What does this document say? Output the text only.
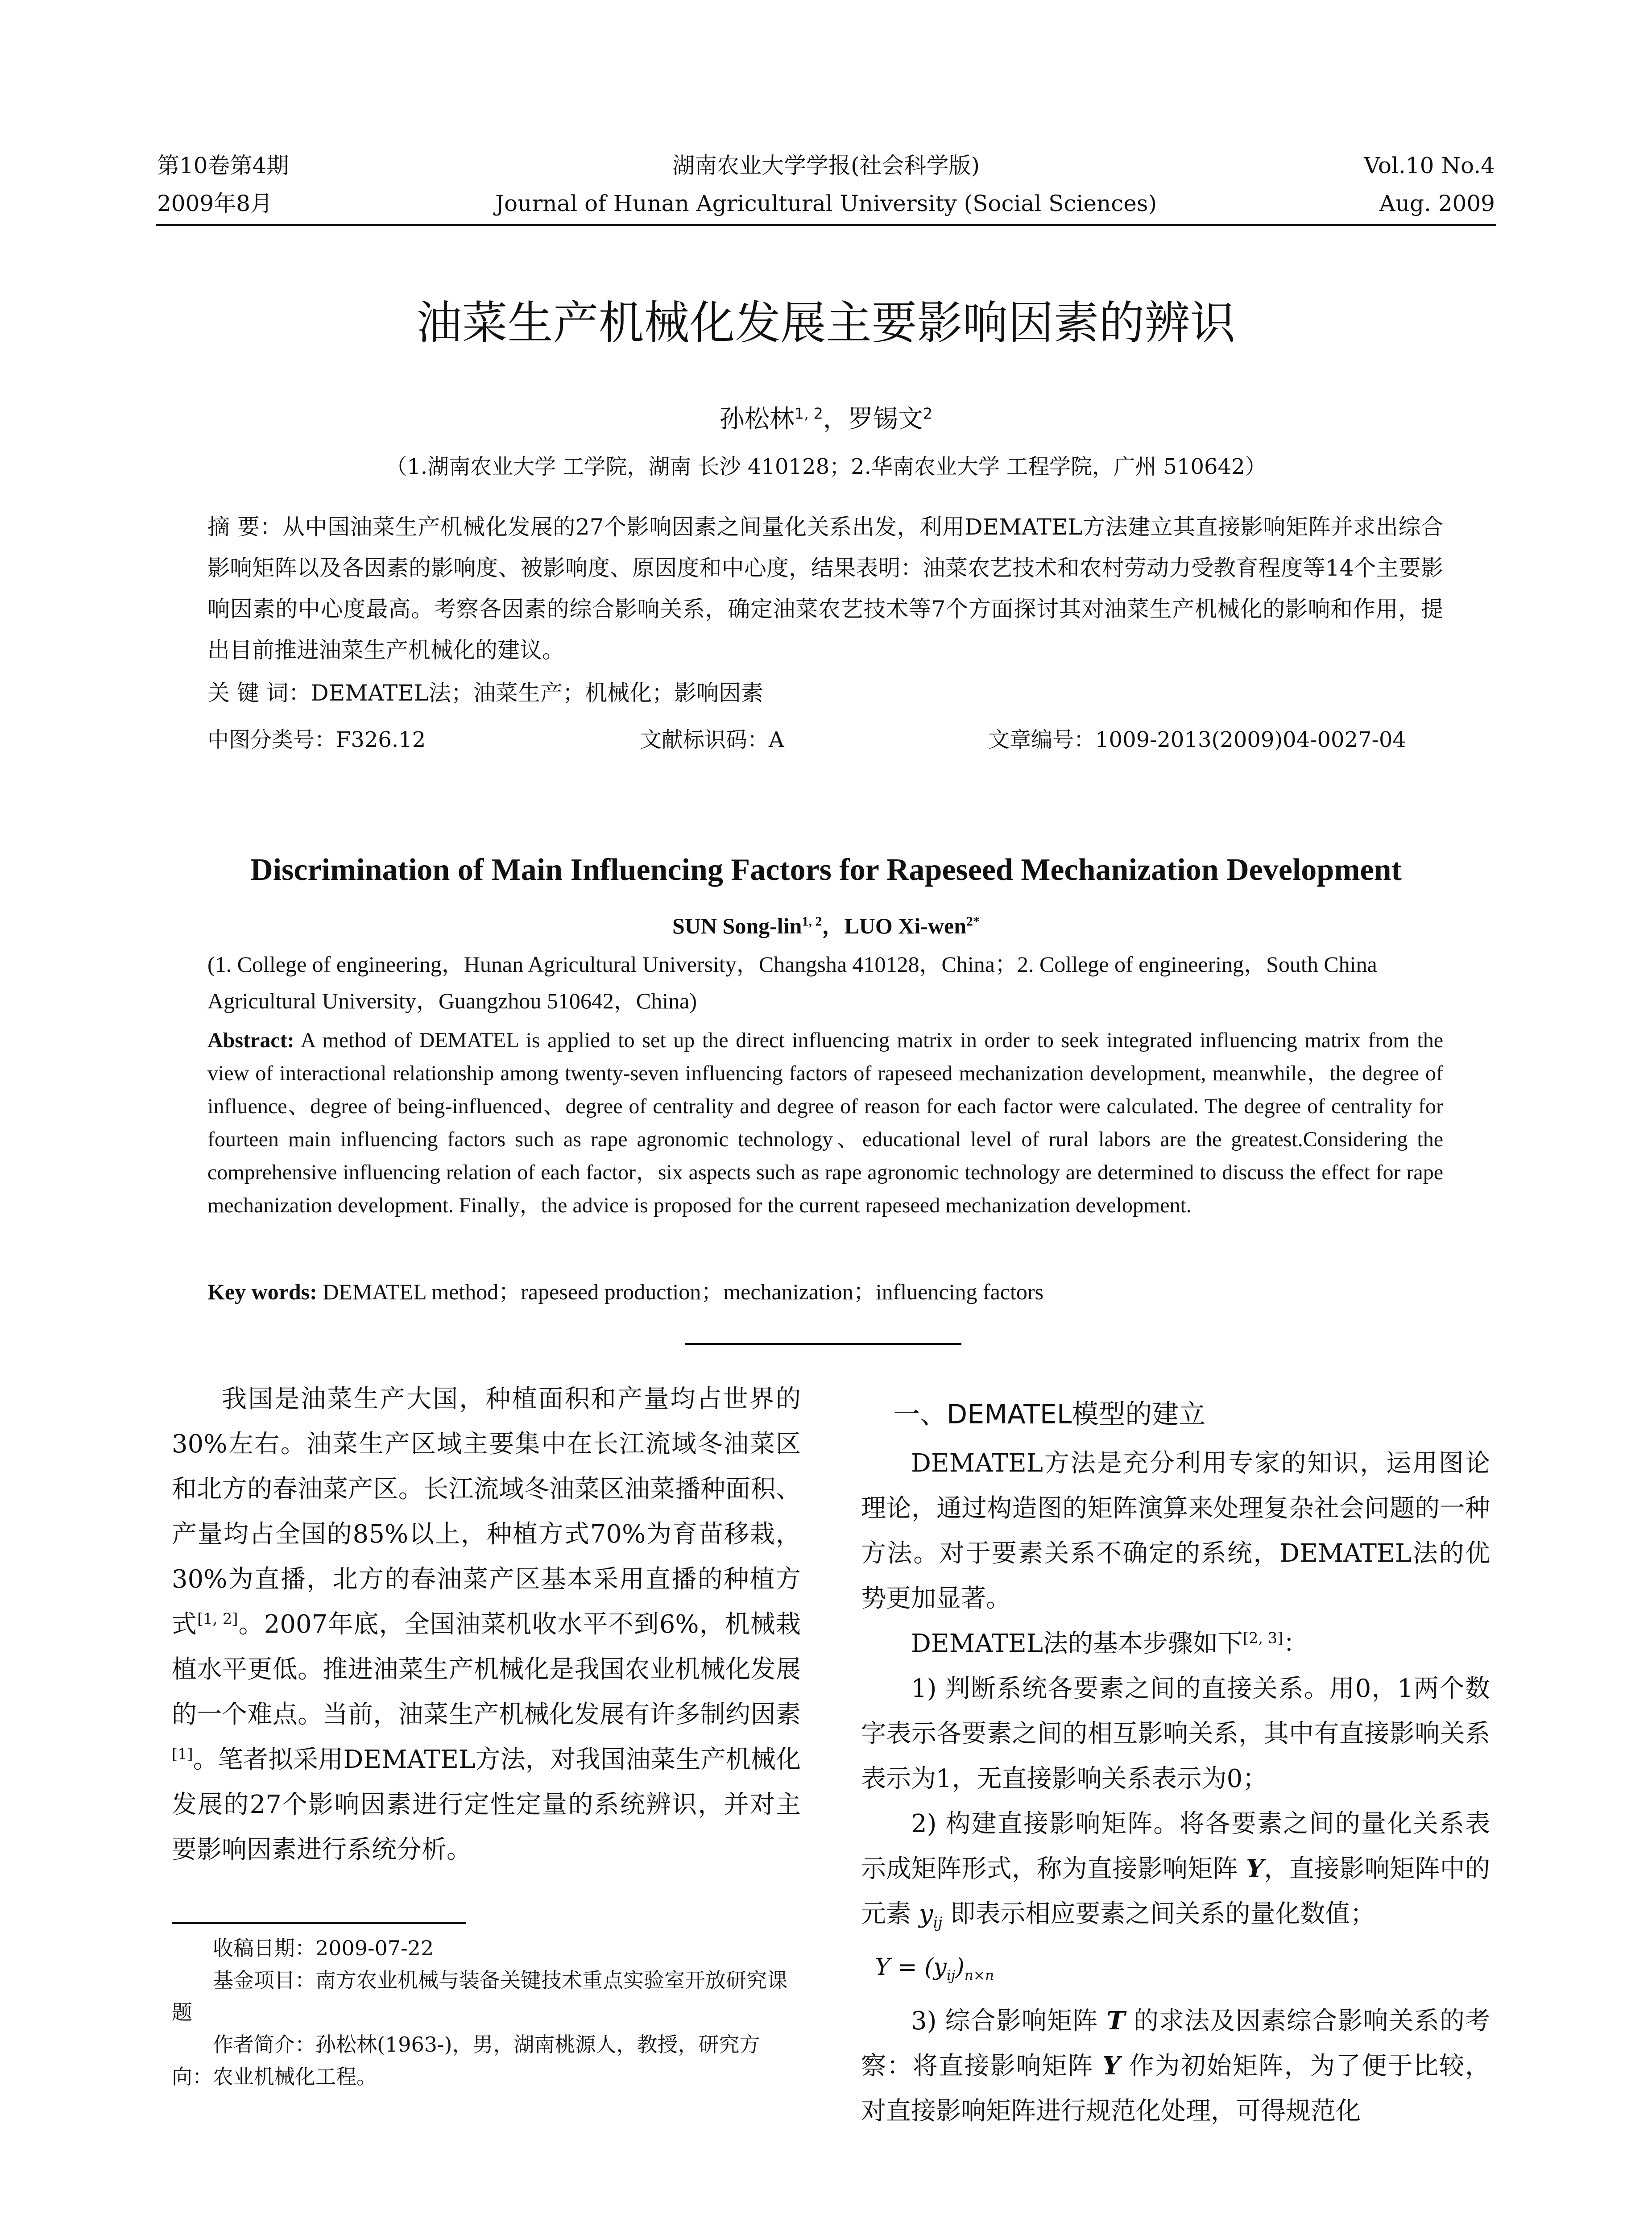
第10卷第4期
2009年8月
湖南农业大学学报(社会科学版)
Journal of Hunan Agricultural University (Social Sciences)
Vol.10 No.4
Aug. 2009
油菜生产机械化发展主要影响因素的辨识
孙松林$^{1, 2}$，罗锡文$^2$
（1.湖南农业大学 工学院，湖南 长沙 410128；2.华南农业大学 工程学院，广州 510642）
摘 要：从中国油菜生产机械化发展的27个影响因素之间量化关系出发，利用DEMATEL方法建立其直接影响矩阵并求出综合影响矩阵以及各因素的影响度、被影响度、原因度和中心度，结果表明：油菜农艺技术和农村劳动力受教育程度等14个主要影响因素的中心度最高。考察各因素的综合影响关系，确定油菜农艺技术等7个方面探讨其对油菜生产机械化的影响和作用，提出目前推进油菜生产机械化的建议。
关 键 词：DEMATEL法；油菜生产；机械化；影响因素
中图分类号：F326.12	文献标识码：A	文章编号：1009-2013(2009)04-0027-04
Discrimination of Main Influencing Factors for Rapeseed Mechanization Development
SUN Song-lin$^{1, 2}$，LUO Xi-wen$^{2*}$
(1. College of engineering，Hunan Agricultural University，Changsha 410128，China；2. College of engineering，South China Agricultural University，Guangzhou 510642，China)
Abstract: A method of DEMATEL is applied to set up the direct influencing matrix in order to seek integrated influencing matrix from the view of interactional relationship among twenty-seven influencing factors of rapeseed mechanization development, meanwhile，the degree of influence、degree of being-influenced、degree of centrality and degree of reason for each factor were calculated. The degree of centrality for fourteen main influencing factors such as rape agronomic technology、educational level of rural labors are the greatest.Considering the comprehensive influencing relation of each factor，six aspects such as rape agronomic technology are determined to discuss the effect for rape mechanization development. Finally，the advice is proposed for the current rapeseed mechanization development.
Key words: DEMATEL method；rapeseed production；mechanization；influencing factors

我国是油菜生产大国，种植面积和产量均占世界的30%左右。油菜生产区域主要集中在长江流域冬油菜区和北方的春油菜产区。长江流域冬油菜区油菜播种面积、产量均占全国的85%以上，种植方式70%为育苗移栽，30%为直播，北方的春油菜产区基本采用直播的种植方式[1, 2]。2007年底，全国油菜机收水平不到6%，机械栽植水平更低。推进油菜生产机械化是我国农业机械化发展的一个难点。当前，油菜生产机械化发展有许多制约因素[1]。笔者拟采用DEMATEL方法，对我国油菜生产机械化发展的27个影响因素进行定性定量的系统辨识，并对主要影响因素进行系统分析。

收稿日期：2009-07-22

基金项目：南方农业机械与装备关键技术重点实验室开放研究课题

作者简介：孙松林(1963-)，男，湖南桃源人，教授，研究方向：农业机械化工程。

一、DEMATEL模型的建立

DEMATEL方法是充分利用专家的知识，运用图论理论，通过构造图的矩阵演算来处理复杂社会问题的一种方法。对于要素关系不确定的系统，DEMATEL法的优势更加显著。

DEMATEL法的基本步骤如下[2, 3]：

1) 判断系统各要素之间的直接关系。用0，1两个数字表示各要素之间的相互影响关系，其中有直接影响关系表示为1，无直接影响关系表示为0；

2) 构建直接影响矩阵。将各要素之间的量化关系表示成矩阵形式，称为直接影响矩阵 Y，直接影响矩阵中的元素 $y_{ij}$ 即表示相应要素之间关系的量化数值；

$Y = (y_{ij})_{n\times n}$

3) 综合影响矩阵 T 的求法及因素综合影响关系的考察：将直接影响矩阵 Y 作为初始矩阵，为了便于比较，对直接影响矩阵进行规范化处理，可得规范化
